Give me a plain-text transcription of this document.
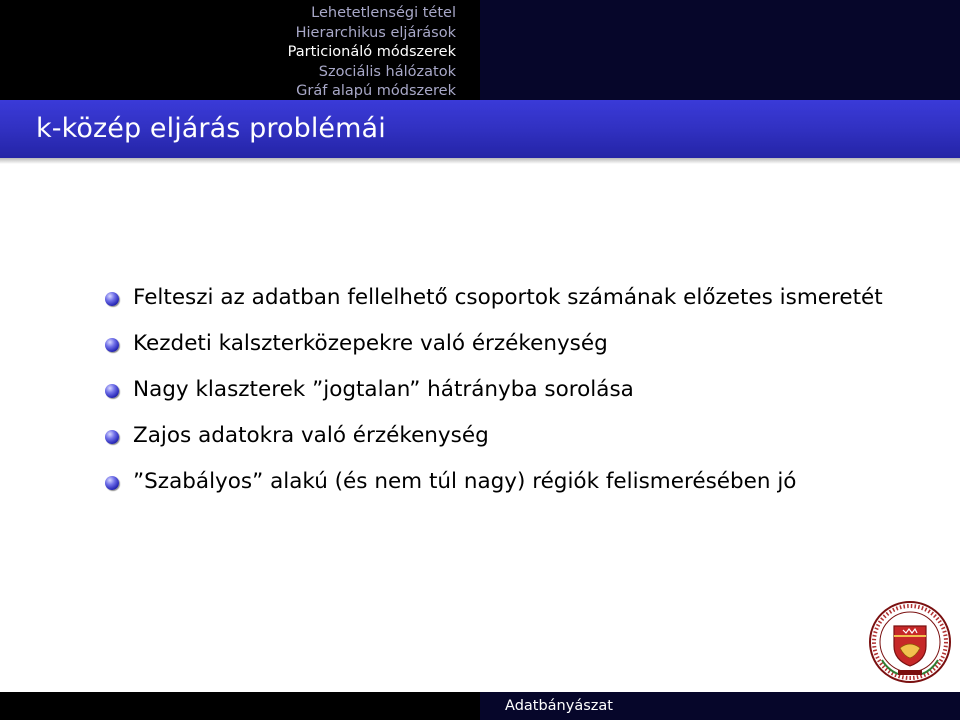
Lehetetlenségi tétel
Hierarchikus eljárások
Particionáló módszerek
Szociális hálózatok
Gráf alapú módszerek
k-közép eljárás problémái
Felteszi az adatban fellelhető csoportok számának előzetes ismeretét
Kezdeti kalszterközepekre való érzékenység
Nagy klaszterek ”jogtalan” hátrányba sorolása
Zajos adatokra való érzékenység
”Szabályos” alakú (és nem túl nagy) régiók felismerésében jó
Adatbányászat
